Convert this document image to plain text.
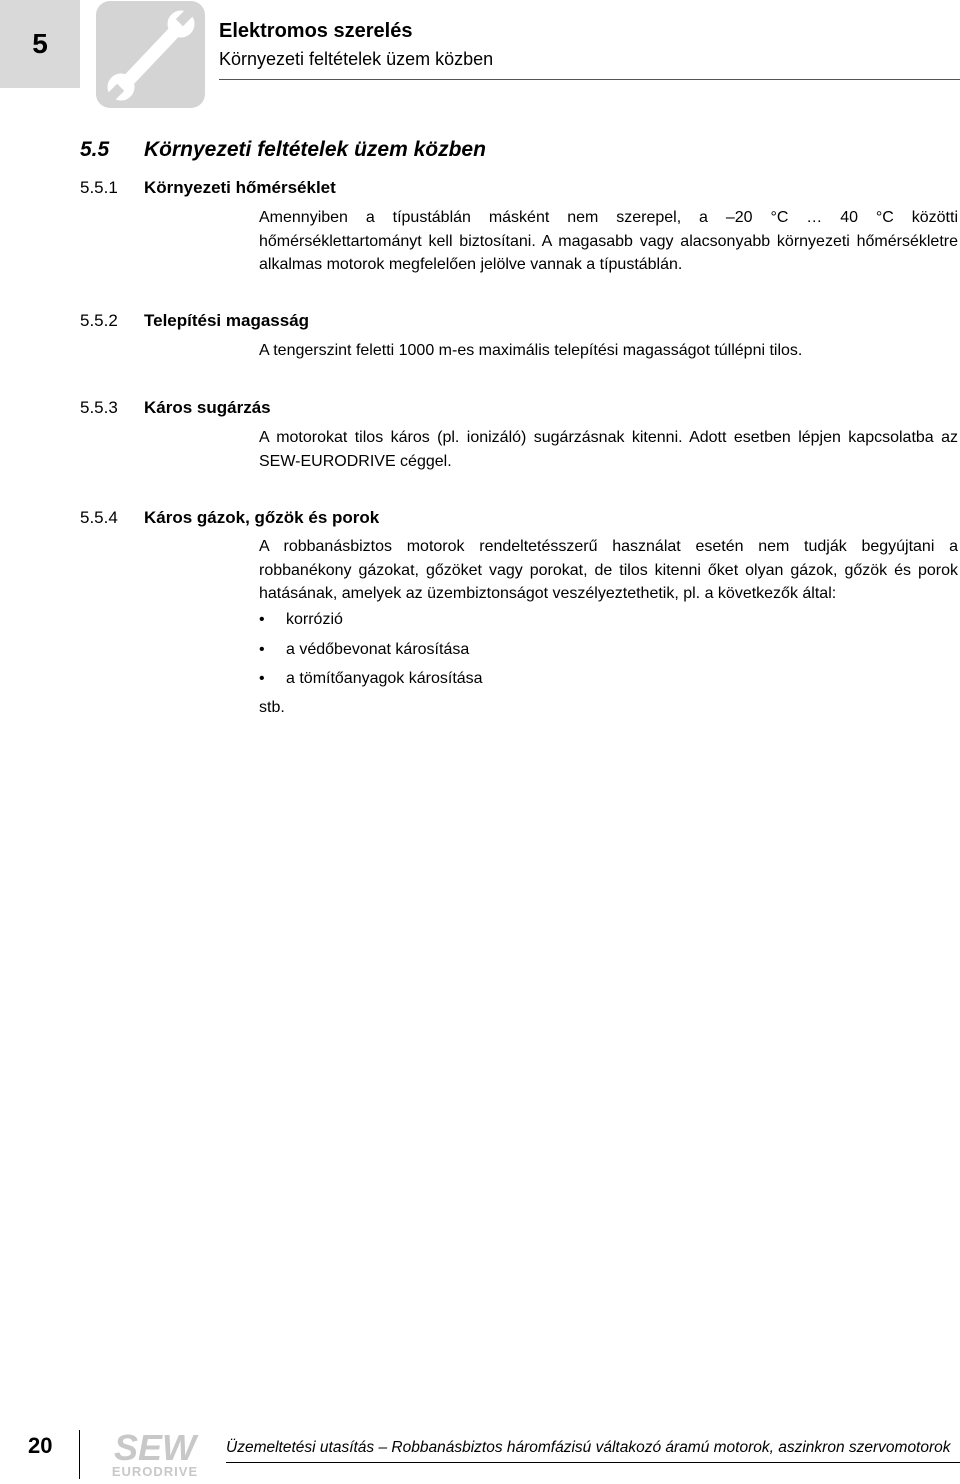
5	Elektromos szerelés
Környezeti feltételek üzem közben
5.5 Környezeti feltételek üzem közben
5.5.1 Környezeti hőmérséklet
Amennyiben a típustáblán másként nem szerepel, a –20 °C … 40 °C közötti hőmérséklettartományt kell biztosítani. A magasabb vagy alacsonyabb környezeti hőmérsékletre alkalmas motorok megfelelően jelölve vannak a típustáblán.
5.5.2 Telepítési magasság
A tengerszint feletti 1000 m-es maximális telepítési magasságot túllépni tilos.
5.5.3 Káros sugárzás
A motorokat tilos káros (pl. ionizáló) sugárzásnak kitenni. Adott esetben lépjen kapcsolatba az SEW-EURODRIVE céggel.
5.5.4 Káros gázok, gőzök és porok
A robbanásbiztos motorok rendeltetésszerű használat esetén nem tudják begyújtani a robbanékony gázokat, gőzöket vagy porokat, de tilos kitenni őket olyan gázok, gőzök és porok hatásának, amelyek az üzembiztonságot veszélyeztethetik, pl. a következők által:
• korrózió
• a védőbevonat károsítása
• a tömítőanyagok károsítása
stb.
20 SEW
EURODRIVE
Üzemeltetési utasítás – Robbanásbiztos háromfázisú váltakozó áramú motorok, aszinkron szervomotorok
